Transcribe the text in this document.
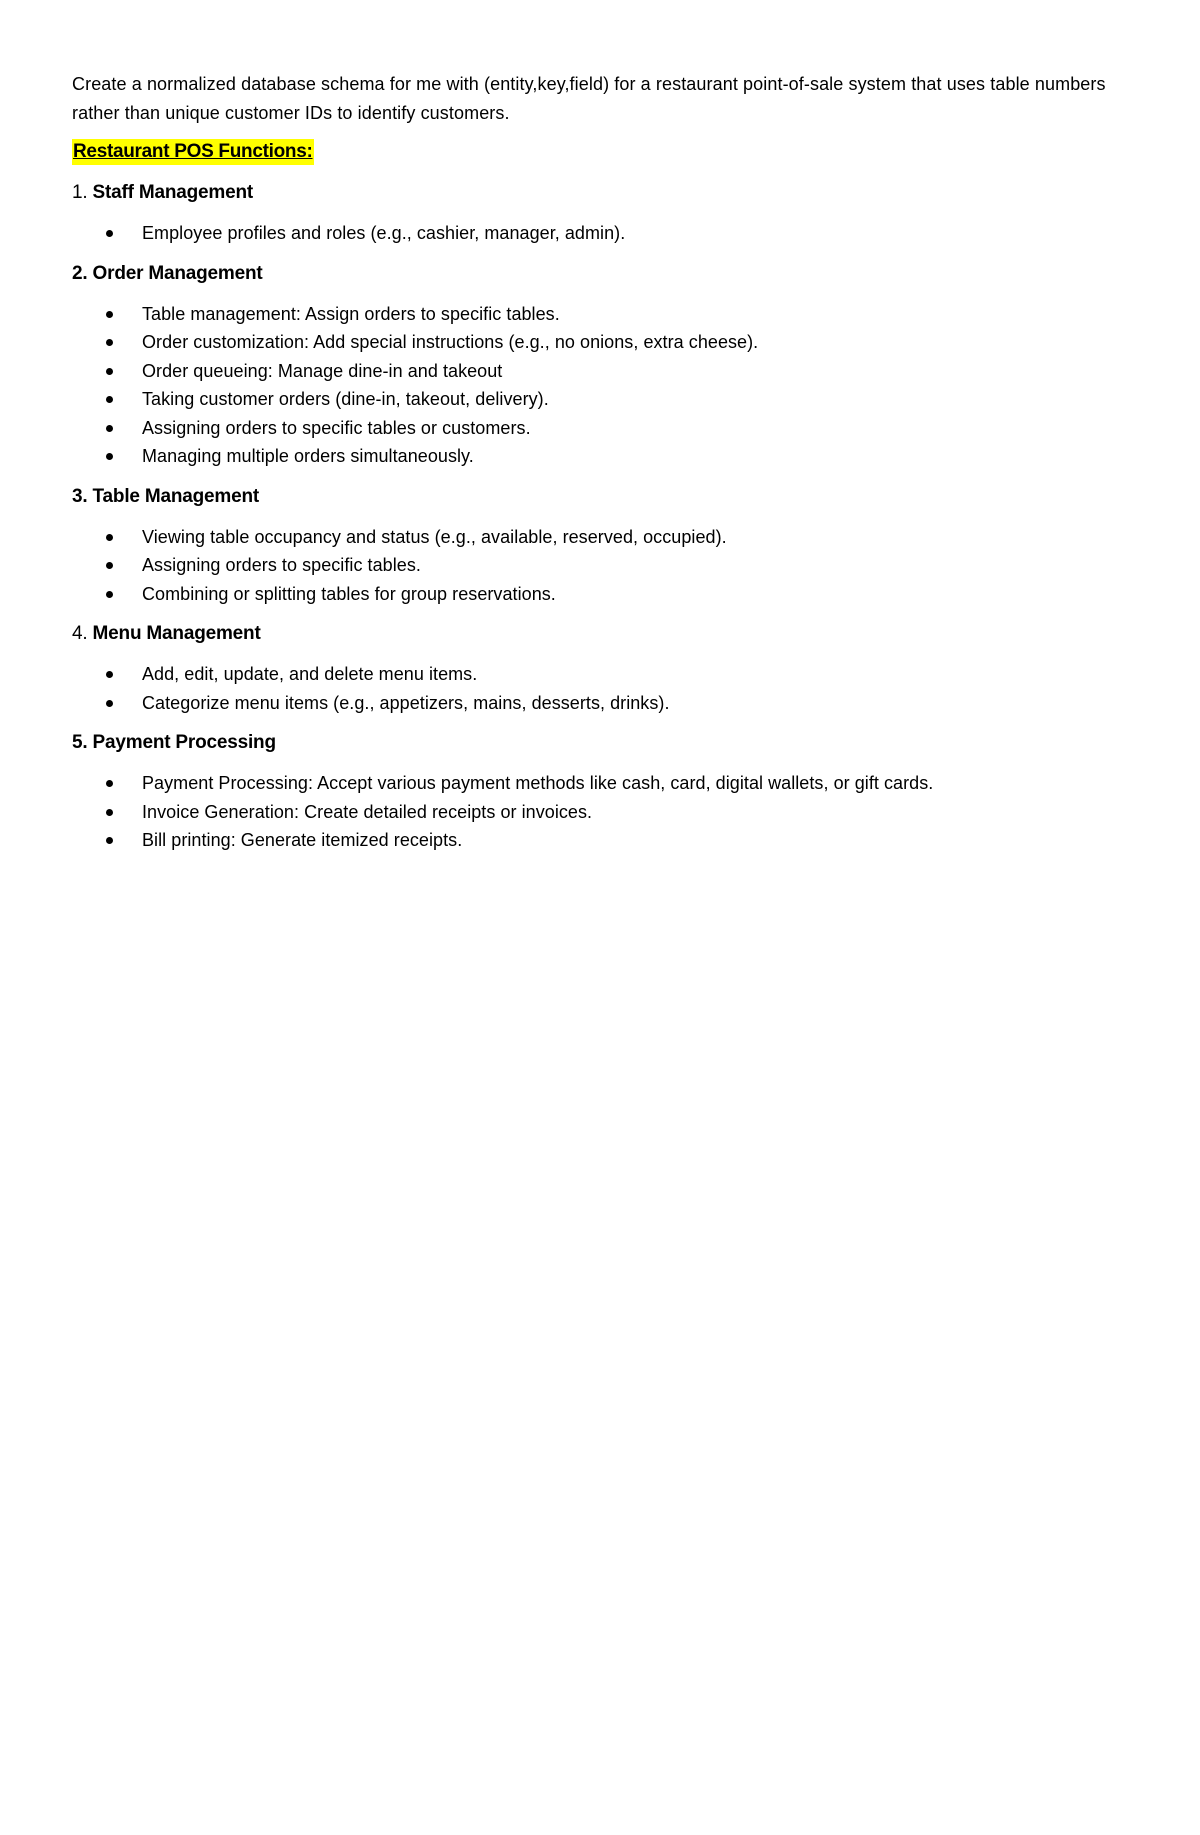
Create a normalized database schema for me with (entity,key,field) for a restaurant point-of-sale system that uses table numbers rather than unique customer IDs to identify customers.

Restaurant POS Functions:
1. Staff Management
Employee profiles and roles (e.g., cashier, manager, admin).
2. Order Management
Table management: Assign orders to specific tables.
Order customization: Add special instructions (e.g., no onions, extra cheese).
Order queueing: Manage dine-in and takeout
Taking customer orders (dine-in, takeout, delivery).
Assigning orders to specific tables or customers.
Managing multiple orders simultaneously.
3. Table Management
Viewing table occupancy and status (e.g., available, reserved, occupied).
Assigning orders to specific tables.
Combining or splitting tables for group reservations.
4. Menu Management
Add, edit, update, and delete menu items.
Categorize menu items (e.g., appetizers, mains, desserts, drinks).
5. Payment Processing
Payment Processing: Accept various payment methods like cash, card, digital wallets, or gift cards.
Invoice Generation: Create detailed receipts or invoices.
Bill printing: Generate itemized receipts.
